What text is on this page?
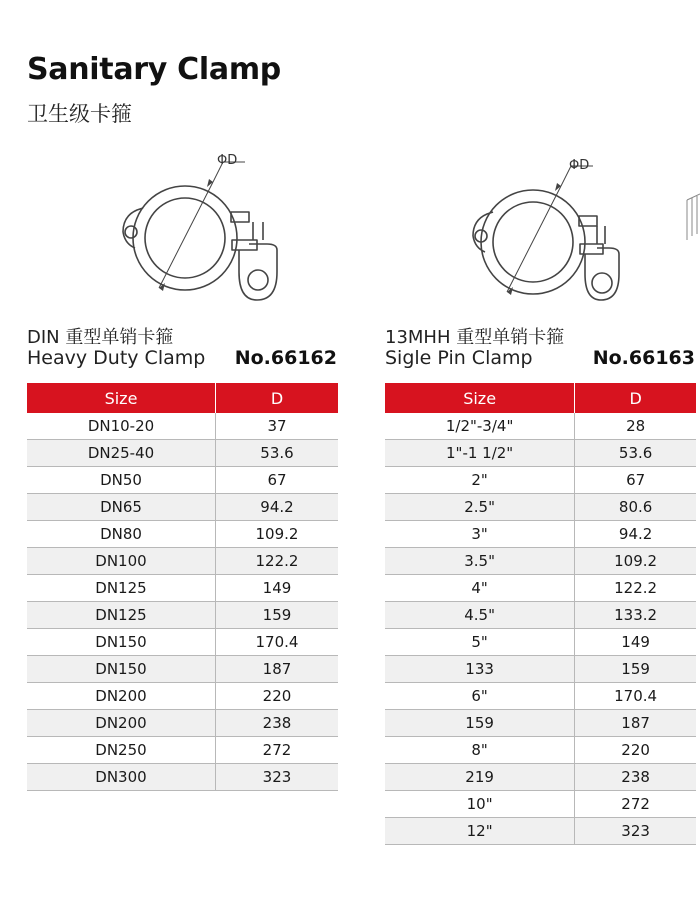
Sanitary Clamp
卫生级卡箍
ΦD
DIN 重型单销卡箍
Heavy Duty Clamp No.66162
Size	D
DN10-20	37
DN25-40	53.6
DN50	67
DN65	94.2
DN80	109.2
DN100	122.2
DN125	149
DN125	159
DN150	170.4
DN150	187
DN200	220
DN200	238
DN250	272
DN300	323
ΦD
13MHH 重型单销卡箍
Sigle Pin Clamp	No.66163
Size	D
1/2"-3/4"	28
1"-1 1/2"	53.6
2"	67
2.5"	80.6
3"	94.2
3.5"	109.2
4"	122.2
4.5"	133.2
5"	149
133	159
6"	170.4
159	187
8"	220
219	238
10"	272
12"	323
